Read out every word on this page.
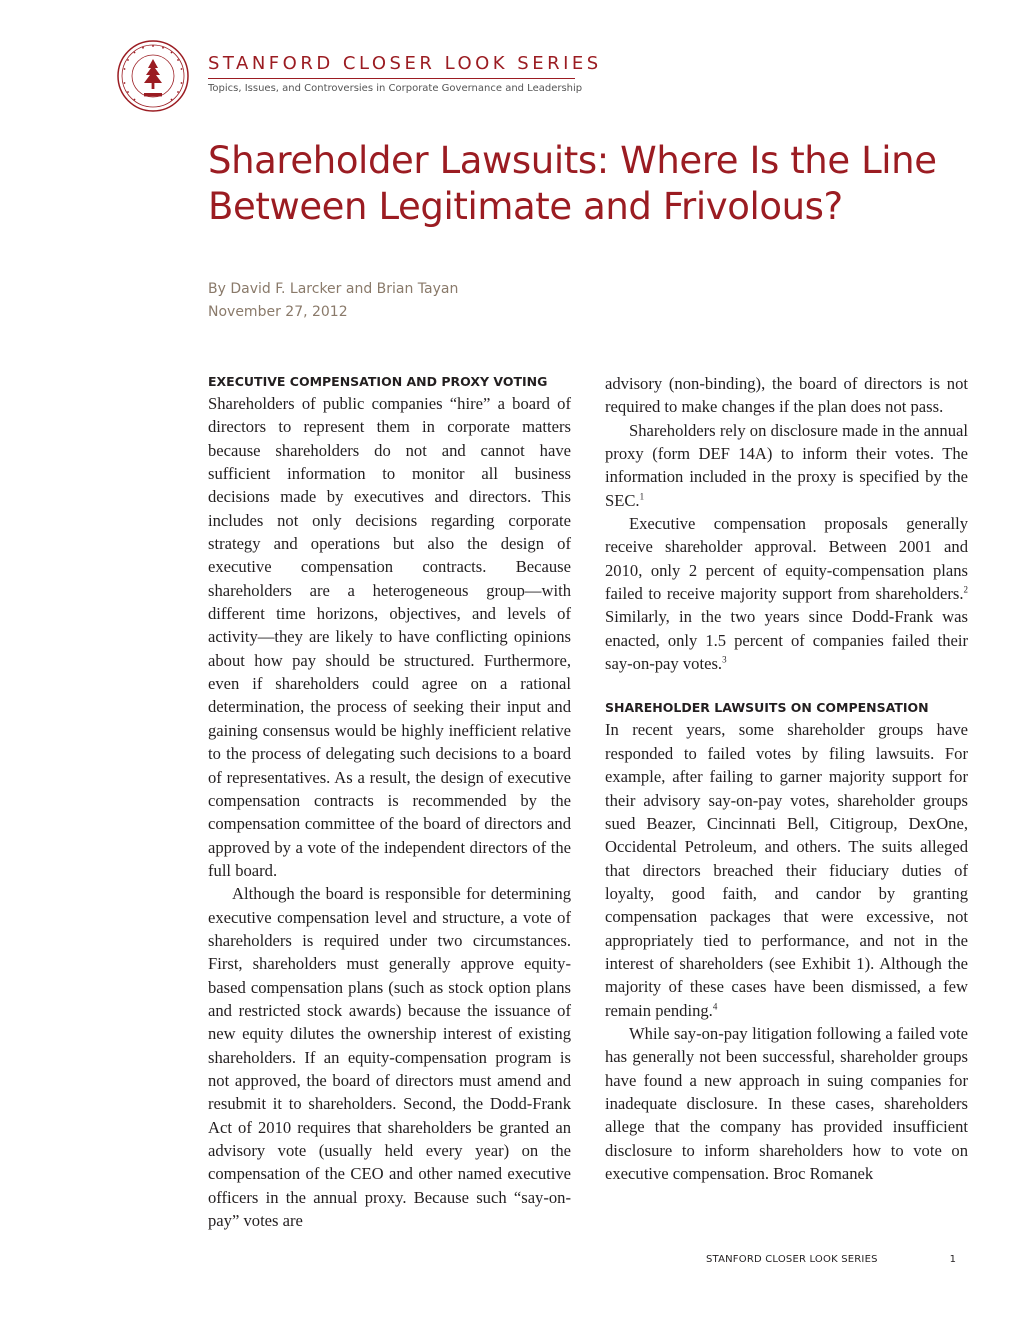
STANFORD CLOSER LOOK SERIES
Topics, Issues, and Controversies in Corporate Governance and Leadership
Shareholder Lawsuits: Where Is the Line
Between Legitimate and Frivolous?
By David F. Larcker and Brian Tayan
November 27, 2012
EXECUTIVE COMPENSATION AND PROXY VOTING

Shareholders of public companies “hire” a board of directors to represent them in corporate matters because shareholders do not and cannot have sufficient information to monitor all business decisions made by executives and directors. This includes not only decisions regarding corporate strategy and operations but also the design of executive compensation contracts. Because shareholders are a heterogeneous group—with different time horizons, objectives, and levels of activity—they are likely to have conflicting opinions about how pay should be structured. Furthermore, even if shareholders could agree on a rational determination, the process of seeking their input and gaining consensus would be highly inefficient relative to the process of delegating such decisions to a board of representatives. As a result, the design of executive compensation contracts is recommended by the compensation committee of the board of directors and approved by a vote of the independent directors of the full board.

Although the board is responsible for determining executive compensation level and structure, a vote of shareholders is required under two circumstances. First, shareholders must generally approve equity-based compensation plans (such as stock option plans and restricted stock awards) because the issuance of new equity dilutes the ownership interest of existing shareholders. If an equity-compensation program is not approved, the board of directors must amend and resubmit it to shareholders. Second, the Dodd-Frank Act of 2010 requires that shareholders be granted an advisory vote (usually held every year) on the compensation of the CEO and other named executive officers in the annual proxy. Because such “say-on-pay” votes are

advisory (non-binding), the board of directors is not required to make changes if the plan does not pass.

Shareholders rely on disclosure made in the annual proxy (form DEF 14A) to inform their votes. The information included in the proxy is specified by the SEC.$^1$

Executive compensation proposals generally receive shareholder approval. Between 2001 and 2010, only 2 percent of equity-compensation plans failed to receive majority support from shareholders.$^2$ Similarly, in the two years since Dodd-Frank was enacted, only 1.5 percent of companies failed their say-on-pay votes.$^3$

SHAREHOLDER LAWSUITS ON COMPENSATION

In recent years, some shareholder groups have responded to failed votes by filing lawsuits. For example, after failing to garner majority support for their advisory say-on-pay votes, shareholder groups sued Beazer, Cincinnati Bell, Citigroup, DexOne, Occidental Petroleum, and others. The suits alleged that directors breached their fiduciary duties of loyalty, good faith, and candor by granting compensation packages that were excessive, not appropriately tied to performance, and not in the interest of shareholders (see Exhibit 1). Although the majority of these cases have been dismissed, a few remain pending.$^4$

While say-on-pay litigation following a failed vote has generally not been successful, shareholder groups have found a new approach in suing companies for inadequate disclosure. In these cases, shareholders allege that the company has provided insufficient disclosure to inform shareholders how to vote on executive compensation. Broc Romanek

STANFORD CLOSER LOOK SERIES	1
